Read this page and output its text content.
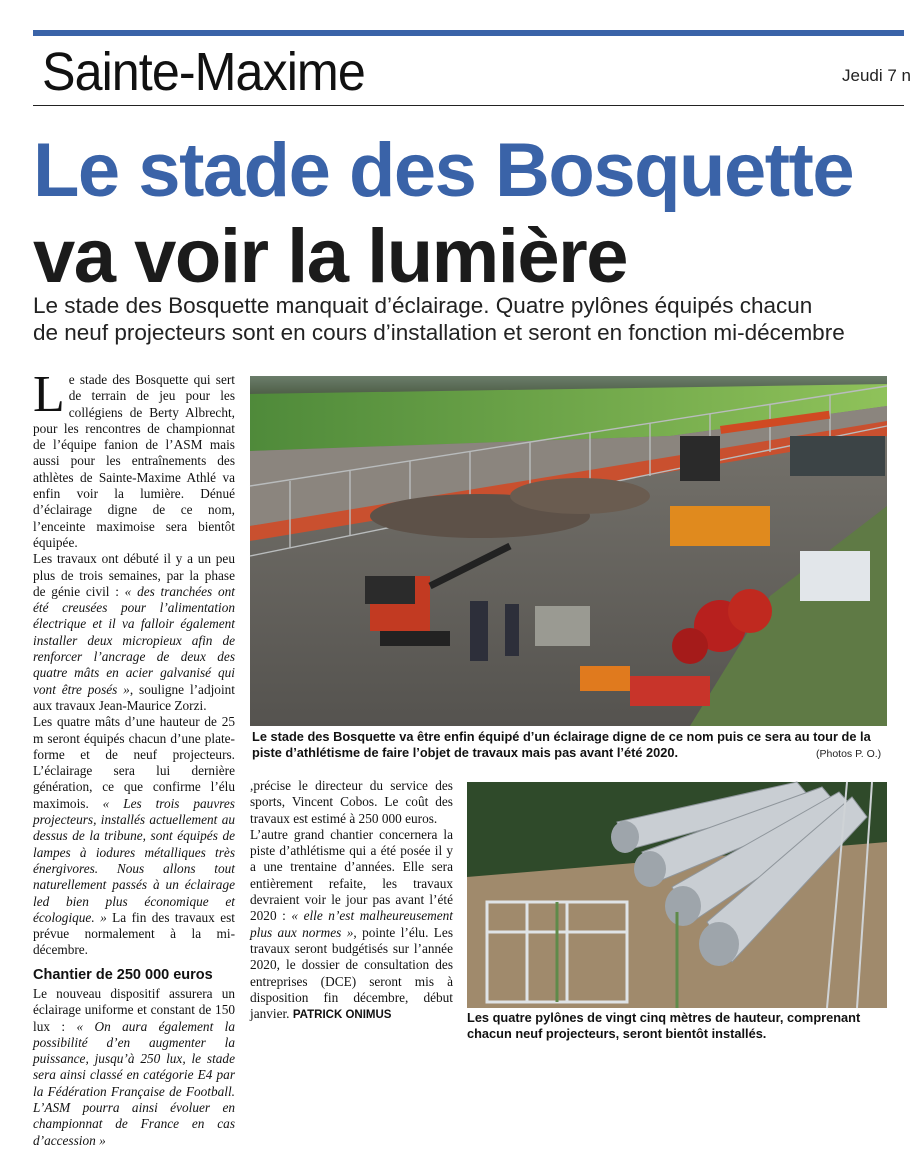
Sainte-Maxime	Jeudi 7 n
Le stade des Bosquette
va voir la lumière
Le stade des Bosquette manquait d’éclairage. Quatre pylônes équipés chacun
de neuf projecteurs sont en cours d’installation et seront en fonction mi-décembre

Le stade des Bosquette qui sert de terrain de jeu pour les collégiens de Berty Albrecht, pour les rencontres de championnat de l’équipe fanion de l’ASM mais aussi pour les entraînements des athlètes de Sainte-Maxime Athlé va enfin voir la lumière. Dénué d’éclairage digne de ce nom, l’enceinte maximoise sera bientôt équipée.

Les travaux ont débuté il y a un peu plus de trois semaines, par la phase de génie civil : « des tranchées ont été creusées pour l’alimentation électrique et il va falloir également installer deux micropieux afin de renforcer l’ancrage de deux des quatre mâts en acier galvanisé qui vont être posés », souligne l’adjoint aux travaux Jean-Maurice Zorzi.

Les quatre mâts d’une hauteur de 25 m seront équipés chacun d’une plate-forme et de neuf projecteurs. L’éclairage sera lui dernière génération, ce que confirme l’élu maximois. « Les trois pauvres projecteurs, installés actuellement au dessus de la tribune, sont équipés de lampes à iodures métalliques très énergivores. Nous allons tout naturellement passés à un éclairage led bien plus économique et écologique. » La fin des travaux est prévue normalement à la mi-décembre.

Chantier de 250 000 euros

Le nouveau dispositif assurera un éclairage uniforme et constant de 150 lux : « On aura également la possibilité d’en augmenter la puissance, jusqu’à 250 lux, le stade sera ainsi classé en catégorie E4 par la Fédération Française de Football. L’ASM pourra ainsi évoluer en championnat de France en cas d’accession »

,précise le directeur du service des sports, Vincent Cobos. Le coût des travaux est estimé à 250 000 euros.

L’autre grand chantier concernera la piste d’athlétisme qui a été posée il y a une trentaine d’années. Elle sera entièrement refaite, les travaux devraient voir le jour pas avant l’été 2020 : « elle n’est malheureusement plus aux normes », pointe l’élu. Les travaux seront budgétisés sur l’année 2020, le dossier de consultation des entreprises (DCE) seront mis à disposition fin décembre, début janvier. PATRICK ONIMUS

Le stade des Bosquette va être enfin équipé d’un éclairage digne de ce nom puis ce sera au tour de la
piste d’athlétisme de faire l’objet de travaux mais pas avant l’été 2020.	(Photos P. O.)
Les quatre pylônes de vingt cinq mètres de hauteur, comprenant
chacun neuf projecteurs, seront bientôt installés.
